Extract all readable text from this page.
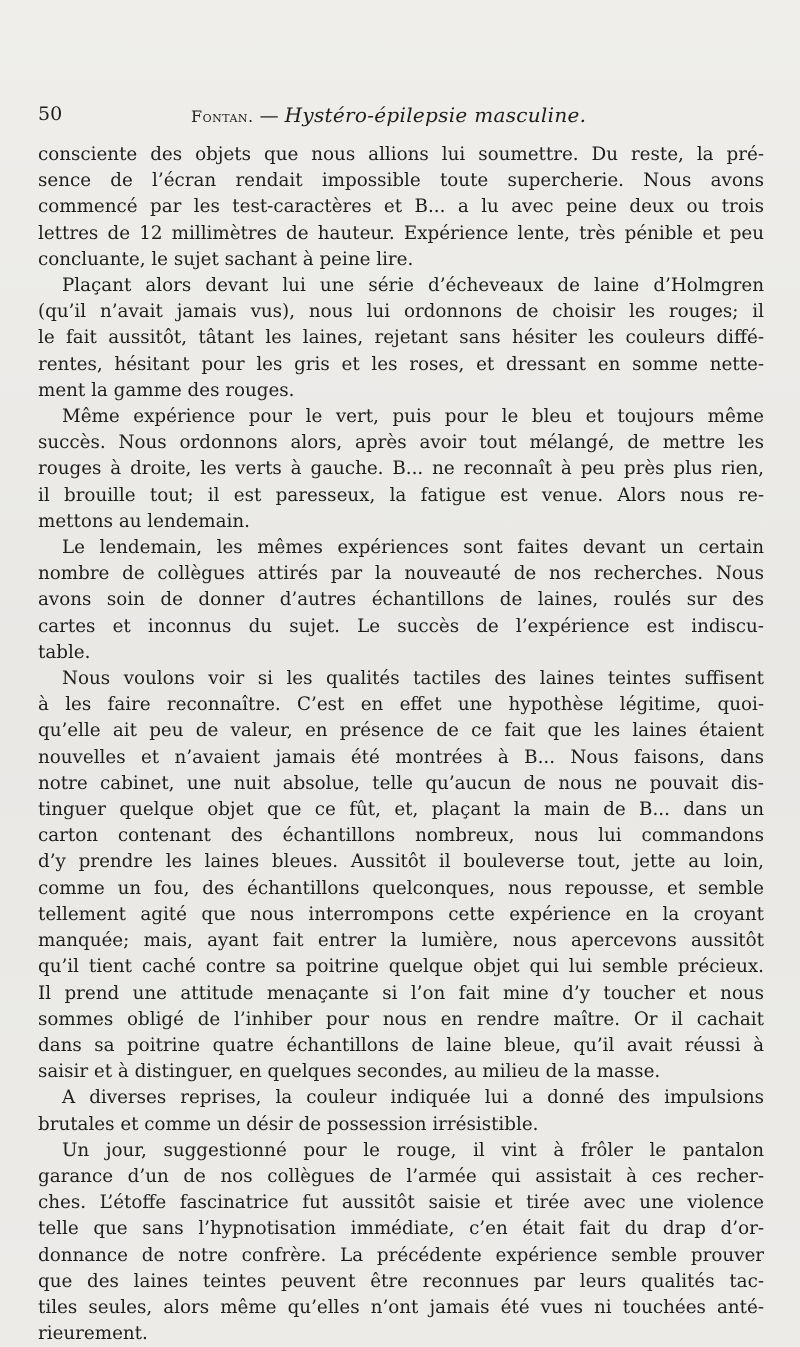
50	Fontan. — Hystéro-épilepsie masculine.
consciente des objets que nous allions lui soumettre. Du reste, la pré-
sence de l’écran rendait impossible toute supercherie. Nous avons
commencé par les test-caractères et B... a lu avec peine deux ou trois
lettres de 12 millimètres de hauteur. Expérience lente, très pénible et peu
concluante, le sujet sachant à peine lire.
Plaçant alors devant lui une série d’écheveaux de laine d’Holmgren
(qu’il n’avait jamais vus), nous lui ordonnons de choisir les rouges; il
le fait aussitôt, tâtant les laines, rejetant sans hésiter les couleurs diffé-
rentes, hésitant pour les gris et les roses, et dressant en somme nette-
ment la gamme des rouges.
Même expérience pour le vert, puis pour le bleu et toujours même
succès. Nous ordonnons alors, après avoir tout mélangé, de mettre les
rouges à droite, les verts à gauche. B... ne reconnaît à peu près plus rien,
il brouille tout; il est paresseux, la fatigue est venue. Alors nous re-
mettons au lendemain.
Le lendemain, les mêmes expériences sont faites devant un certain
nombre de collègues attirés par la nouveauté de nos recherches. Nous
avons soin de donner d’autres échantillons de laines, roulés sur des
cartes et inconnus du sujet. Le succès de l’expérience est indiscu-
table.
Nous voulons voir si les qualités tactiles des laines teintes suffisent
à les faire reconnaître. C’est en effet une hypothèse légitime, quoi-
qu’elle ait peu de valeur, en présence de ce fait que les laines étaient
nouvelles et n’avaient jamais été montrées à B... Nous faisons, dans
notre cabinet, une nuit absolue, telle qu’aucun de nous ne pouvait dis-
tinguer quelque objet que ce fût, et, plaçant la main de B... dans un
carton contenant des échantillons nombreux, nous lui commandons
d’y prendre les laines bleues. Aussitôt il bouleverse tout, jette au loin,
comme un fou, des échantillons quelconques, nous repousse, et semble
tellement agité que nous interrompons cette expérience en la croyant
manquée; mais, ayant fait entrer la lumière, nous apercevons aussitôt
qu’il tient caché contre sa poitrine quelque objet qui lui semble précieux.
Il prend une attitude menaçante si l’on fait mine d’y toucher et nous
sommes obligé de l’inhiber pour nous en rendre maître. Or il cachait
dans sa poitrine quatre échantillons de laine bleue, qu’il avait réussi à
saisir et à distinguer, en quelques secondes, au milieu de la masse.
A diverses reprises, la couleur indiquée lui a donné des impulsions
brutales et comme un désir de possession irrésistible.
Un jour, suggestionné pour le rouge, il vint à frôler le pantalon
garance d’un de nos collègues de l’armée qui assistait à ces recher-
ches. L’étoffe fascinatrice fut aussitôt saisie et tirée avec une violence
telle que sans l’hypnotisation immédiate, c’en était fait du drap d’or-
donnance de notre confrère. La précédente expérience semble prouver
que des laines teintes peuvent être reconnues par leurs qualités tac-
tiles seules, alors même qu’elles n’ont jamais été vues ni touchées anté-
rieurement.
